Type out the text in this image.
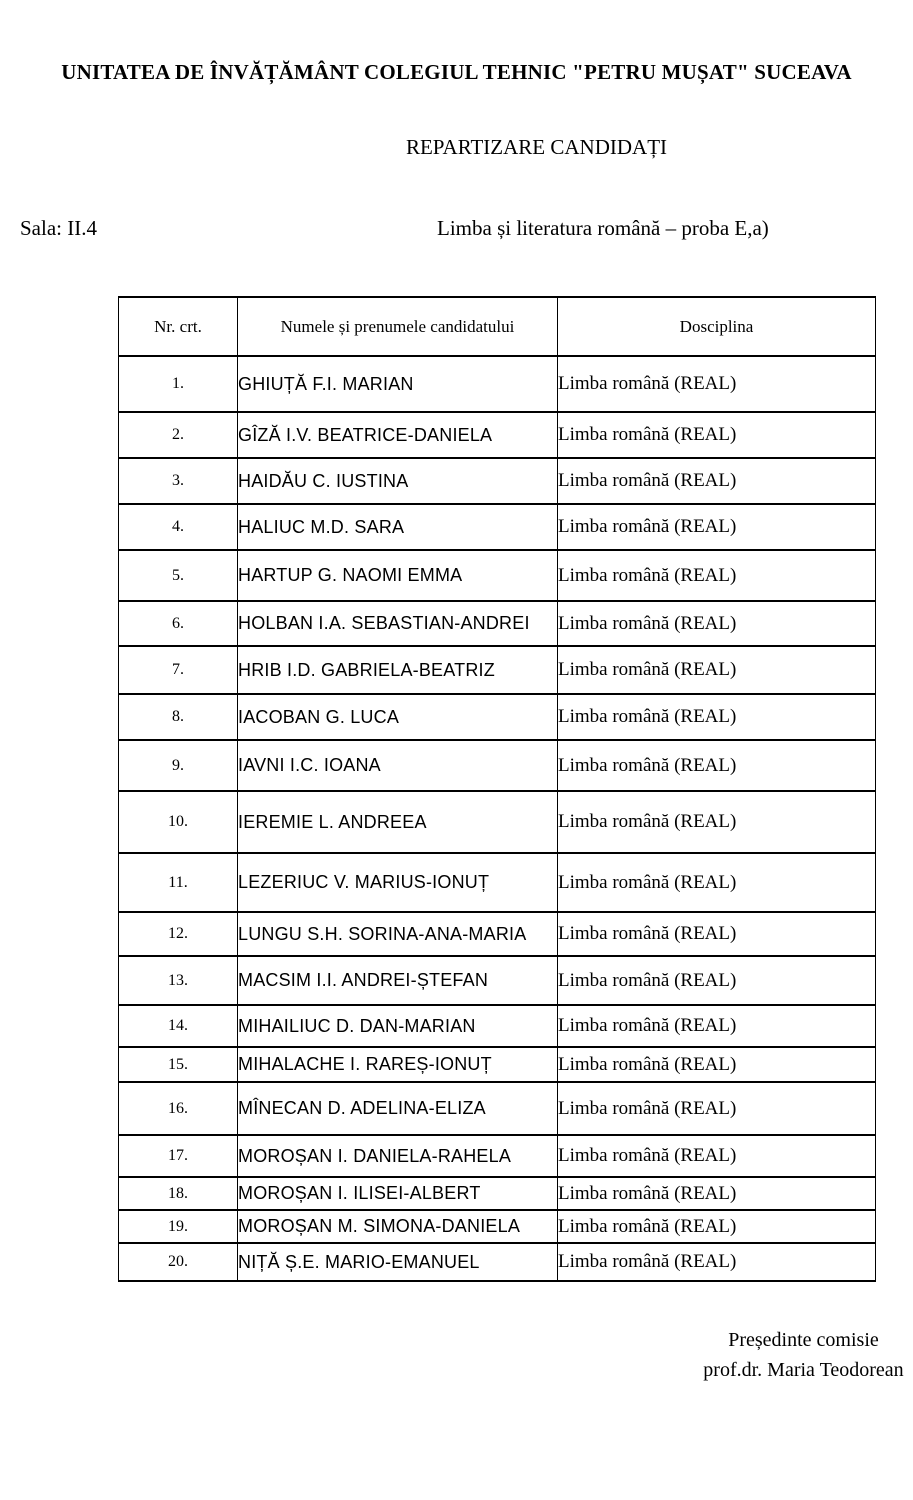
UNITATEA DE ÎNVĂȚĂMÂNT COLEGIUL TEHNIC "PETRU MUȘAT" SUCEAVA
REPARTIZARE CANDIDAȚI
Sala: II.4	Limba și literatura română – proba E,a)
Nr. crt.	Numele și prenumele candidatului	Dosciplina
1.	GHIUȚĂ F.I. MARIAN	Limba română (REAL)
2.	GÎZĂ I.V. BEATRICE-DANIELA	Limba română (REAL)
3.	HAIDĂU C. IUSTINA	Limba română (REAL)
4.	HALIUC M.D. SARA	Limba română (REAL)
5.	HARTUP G. NAOMI EMMA	Limba română (REAL)
6.	HOLBAN I.A. SEBASTIAN-ANDREI	Limba română (REAL)
7.	HRIB I.D. GABRIELA-BEATRIZ	Limba română (REAL)
8.	IACOBAN G. LUCA	Limba română (REAL)
9.	IAVNI I.C. IOANA	Limba română (REAL)
10.	IEREMIE L. ANDREEA	Limba română (REAL)
11.	LEZERIUC V. MARIUS-IONUȚ	Limba română (REAL)
12.	LUNGU S.H. SORINA-ANA-MARIA	Limba română (REAL)
13.	MACSIM I.I. ANDREI-ȘTEFAN	Limba română (REAL)
14.	MIHAILIUC D. DAN-MARIAN	Limba română (REAL)
15.	MIHALACHE I. RAREȘ-IONUȚ	Limba română (REAL)
16.	MÎNECAN D. ADELINA-ELIZA	Limba română (REAL)
17.	MOROȘAN I. DANIELA-RAHELA	Limba română (REAL)
18.	MOROȘAN I. ILISEI-ALBERT	Limba română (REAL)
19.	MOROȘAN M. SIMONA-DANIELA	Limba română (REAL)
20.	NIȚĂ Ș.E. MARIO-EMANUEL	Limba română (REAL)
Președinte comisie
prof.dr. Maria Teodorean
